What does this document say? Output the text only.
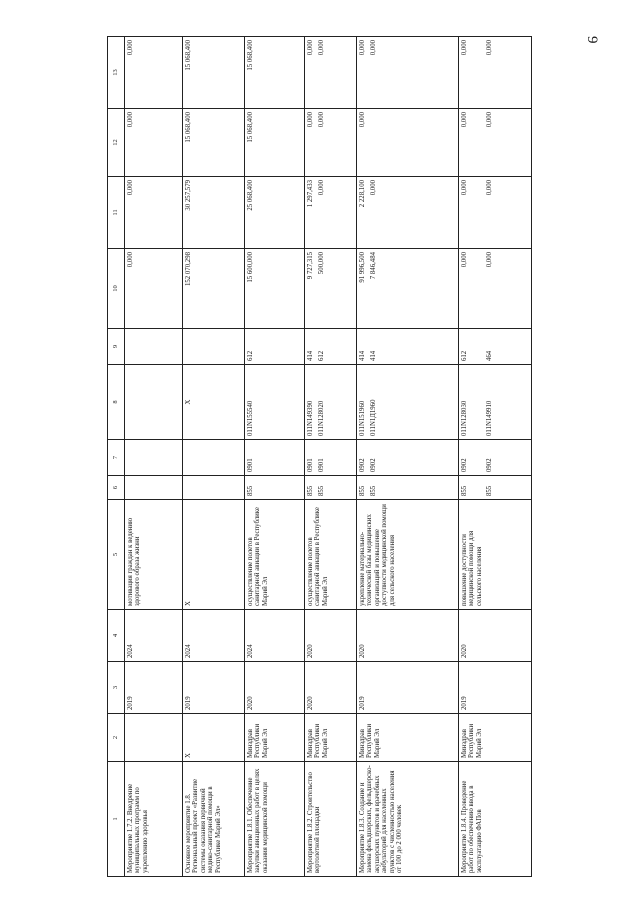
9
1	2	3	4	5	6	7	8	9	10	11	12	13
Мероприятие 1.7.2. Внедрение муниципальных программ по укреплению здоровья		2019	2024	мотивация граждан к ведению здорового образа жизни					0,000	0,000	0,000	0,000
Основное мероприятие 1.8. Региональный проект «Развитие системы оказания первичной медико-санитарной помощи в Республике Марий Эл»	X	2019	2024	X			X		152 070,298	30 257,579	15 068,400	15 068,400
Мероприятие 1.8.1. Обеспечение закупки авиационных работ в целях оказания медицинской помощи	Минздрав Республики Марий Эл	2020	2024	осуществление полетов санитарной авиации в Республике Марий Эл	855	0901	011N155540	612	15 600,000	25 068,400	15 068,400	15 068,400
Мероприятие 1.8.2. Строительство вертолетной площадки	Минздрав Республики Марий Эл	2020	2020	осуществление полетов санитарной авиации в Республике Марий Эл	855 855	0901 0901	011N149390 011N128020	414 612	9 727,315 500,000	1 297,433 0,000	0,000 0,000	0,000 0,000

Мероприятие 1.8.3. Создание и замена фельдшерских, фельдшерско-акушерских пунктов и врачебных амбулаторий для населенных пунктов с численностью населения от 100 до 2 000 человек	Минздрав Республики Марий Эл	2019	2020	укрепление материально-технической базы медицинских организаций и повышение доступности медицинской помощи для сельского населения	855 855	0902 0902	011N151960 011N1Д1960	414 414	91 996,500 7 846,484	2 228,100 0,000	0,000	0,000 0,000

Мероприятие 1.8.4. Проведение работ по обеспечению ввода в эксплуатацию ФАПов	Минздрав Республики Марий Эл	2019	2020	повышение доступности медицинской помощи для сельского населения	855 855	0902 0902	011N128030 011N149910	612 464	0,000 0,000	0,000 0,000	0,000 0,000	0,000 0,000
